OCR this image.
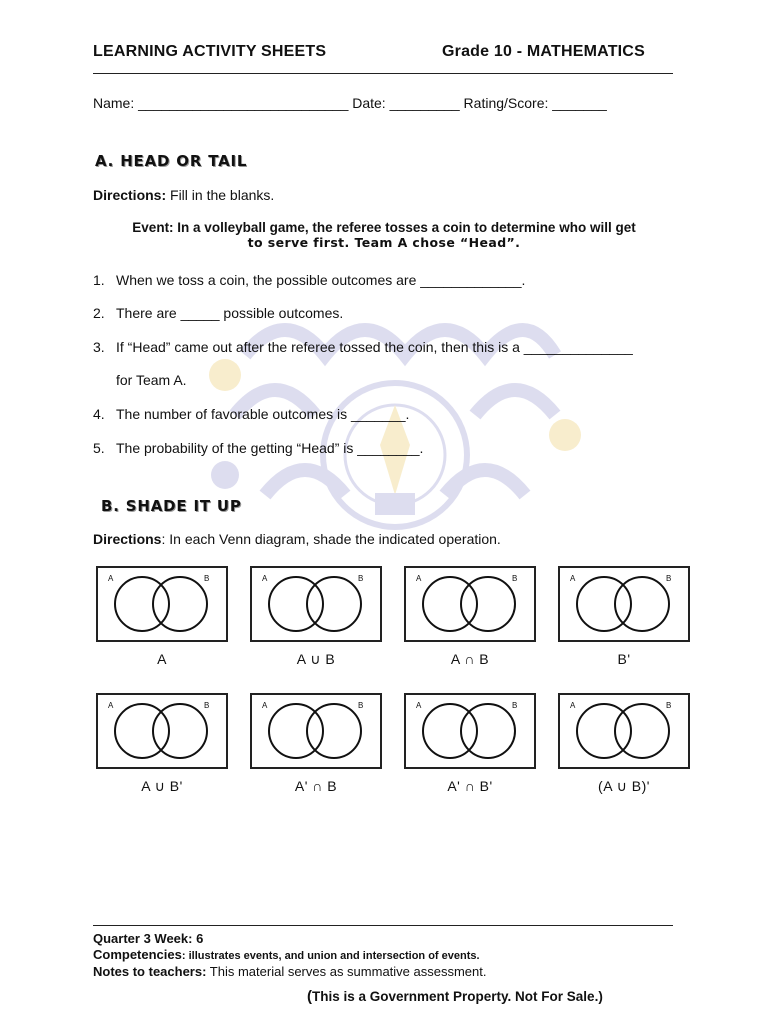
LEARNING ACTIVITY SHEETS	Grade 10 - MATHEMATICS
Name: ___________________________ Date: _________ Rating/Score: _______
A. HEAD OR TAIL
Directions: Fill in the blanks.
Event: In a volleyball game, the referee tosses a coin to determine who will get
to serve first. Team A chose “Head”.
1. When we toss a coin, the possible outcomes are _____________.
2. There are _____ possible outcomes.
3. If “Head” came out after the referee tossed the coin, then this is a ______________
for Team A.
4. The number of favorable outcomes is _______.
5. The probability of the getting “Head” is ________.
B. SHADE IT UP
Directions: In each Venn diagram, shade the indicated operation.
A	B	A	B	A	B	A	B
A	A ∪ B	A ∩ B	B'
A	B	A	B	A	B	A	B
A ∪ B'	A' ∩ B	A' ∩ B'	(A ∪ B)'
Quarter 3 Week: 6
Competencies: illustrates events, and union and intersection of events.
Notes to teachers: This material serves as summative assessment.
(This is a Government Property. Not For Sale.)
